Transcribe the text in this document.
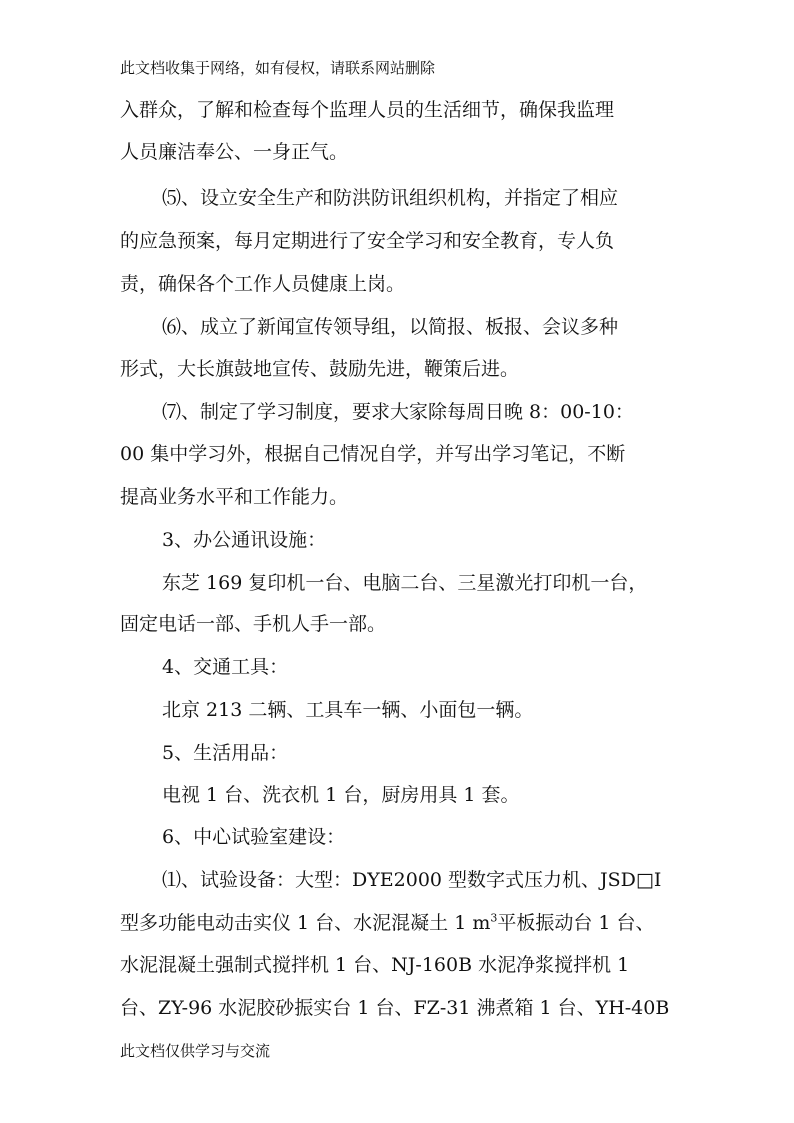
此文档收集于网络，如有侵权，请联系网站删除
入群众，了解和检查每个监理人员的生活细节，确保我监理
人员廉洁奉公、一身正气。
⑸、设立安全生产和防洪防讯组织机构，并指定了相应
的应急预案，每月定期进行了安全学习和安全教育，专人负
责，确保各个工作人员健康上岗。
⑹、成立了新闻宣传领导组，以简报、板报、会议多种
形式，大长旗鼓地宣传、鼓励先进，鞭策后进。
⑺、制定了学习制度，要求大家除每周日晚 8：00-10：
00 集中学习外，根据自己情况自学，并写出学习笔记，不断
提高业务水平和工作能力。
3、办公通讯设施：
东芝 169 复印机一台、电脑二台、三星激光打印机一台，
固定电话一部、手机人手一部。
4、交通工具：
北京 213 二辆、工具车一辆、小面包一辆。
5、生活用品：
电视 1 台、洗衣机 1 台，厨房用具 1 套。
6、中心试验室建设：
⑴、试验设备：大型：DYE2000 型数字式压力机、JSD□I
型多功能电动击实仪 1 台、水泥混凝土 1 $m^3$平板振动台 1 台、
水泥混凝土强制式搅拌机 1 台、NJ-160B 水泥净浆搅拌机 1
台、ZY-96 水泥胶砂振实台 1 台、FZ-31 沸煮箱 1 台、YH-40B
此文档仅供学习与交流
